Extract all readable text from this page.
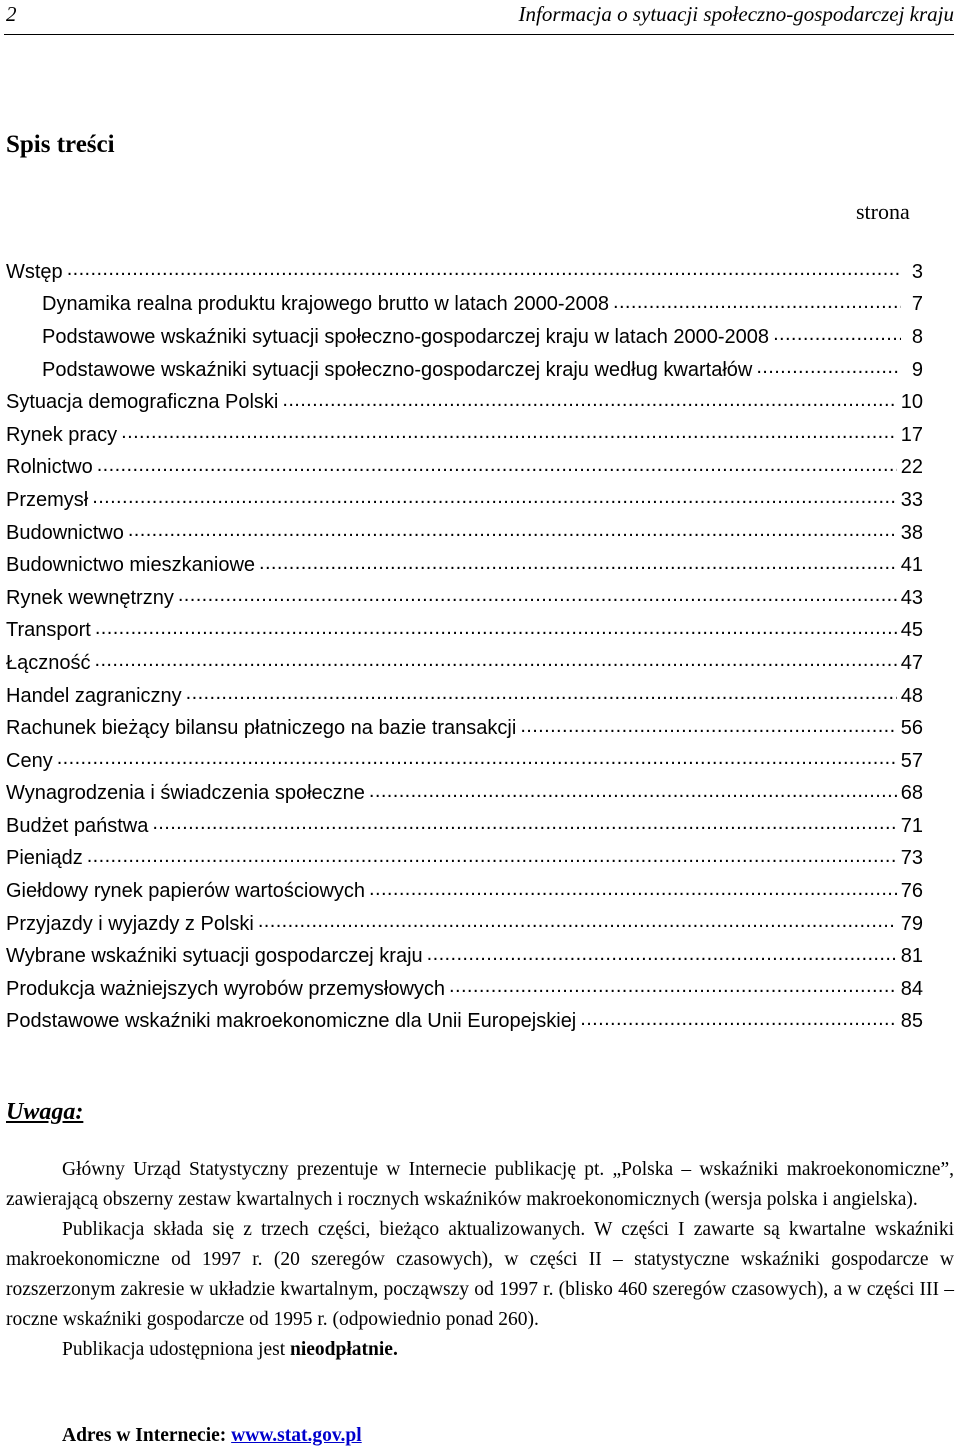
2	Informacja o sytuacji społeczno-gospodarczej kraju
Spis treści
strona
Wstęp .....	3
Dynamika realna produktu krajowego brutto w latach 2000-2008 .....	7
Podstawowe wskaźniki sytuacji społeczno-gospodarczej kraju w latach 2000-2008 .....	8
Podstawowe wskaźniki sytuacji społeczno-gospodarczej kraju według kwartałów .....	9
Sytuacja demograficzna Polski .....	10
Rynek pracy .....	17
Rolnictwo .....	22
Przemysł .....	33
Budownictwo .....	38
Budownictwo mieszkaniowe .....	41
Rynek wewnętrzny .....	43
Transport .....	45
Łączność .....	47
Handel zagraniczny .....	48
Rachunek bieżący bilansu płatniczego na bazie transakcji .....	56
Ceny .....	57
Wynagrodzenia i świadczenia społeczne .....	68
Budżet państwa .....	71
Pieniądz .....	73
Giełdowy rynek papierów wartościowych .....	76
Przyjazdy i wyjazdy z Polski .....	79
Wybrane wskaźniki sytuacji gospodarczej kraju .....	81
Produkcja ważniejszych wyrobów przemysłowych .....	84
Podstawowe wskaźniki makroekonomiczne dla Unii Europejskiej .....	85
Uwaga:

Główny Urząd Statystyczny prezentuje w Internecie publikację pt. „Polska – wskaźniki makroekonomiczne”, zawierającą obszerny zestaw kwartalnych i rocznych wskaźników makroekonomicznych (wersja polska i angielska).

Publikacja składa się z trzech części, bieżąco aktualizowanych. W części I zawarte są kwartalne wskaźniki makroekonomiczne od 1997 r. (20 szeregów czasowych), w części II – statystyczne wskaźniki gospodarcze w rozszerzonym zakresie w układzie kwartalnym, począwszy od 1997 r. (blisko 460 szeregów czasowych), a w części III – roczne wskaźniki gospodarcze od 1995 r. (odpowiednio ponad 260).

Publikacja udostępniona jest nieodpłatnie.

Adres w Internecie: www.stat.gov.pl
